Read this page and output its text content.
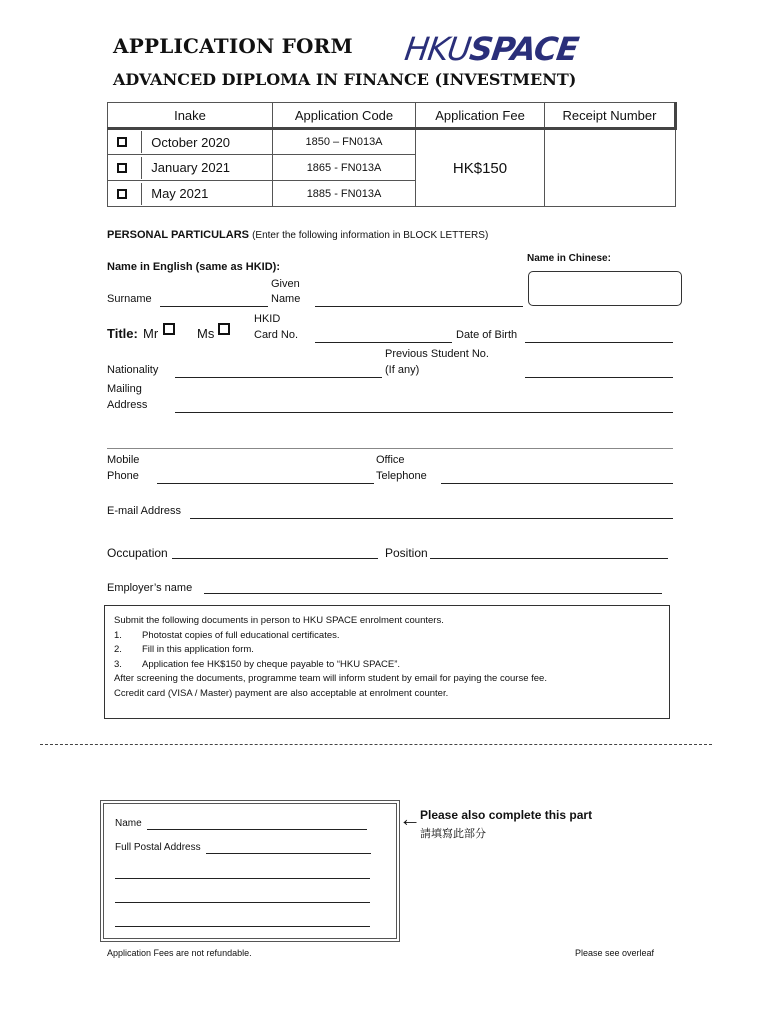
APPLICATION FORM
ADVANCED DIPLOMA IN FINANCE (INVESTMENT)
HKUSPACE
Inake	Application Code	Application Fee	Receipt Number
October 2020	1850 – FN013A	HK$150	
January 2021	1865 - FN013A		
May 2021	1885 - FN013A		
PERSONAL PARTICULARS (Enter the following information in BLOCK LETTERS)
Name in English (same as HKID):
Name in Chinese:
Surname
Given
Name
Title: Mr	Ms
HKID
Card No.	Date of Birth
Previous Student No.
(If any)
Nationality
Mailing
Address
Mobile
Phone
Office
Telephone
E-mail Address
Occupation	Position
Employer’s name
Submit the following documents in person to HKU SPACE enrolment counters.
1. Photostat copies of full educational certificates.
2. Fill in this application form.
3. Application fee HK$150 by cheque payable to “HKU SPACE”.
After screening the documents, programme team will inform student by email for paying the course fee.
Ccredit card (VISA / Master) payment are also acceptable at enrolment counter.
Name
Full Postal Address
← Please also complete this part
請填寫此部分
Application Fees are not refundable.	Please see overleaf
